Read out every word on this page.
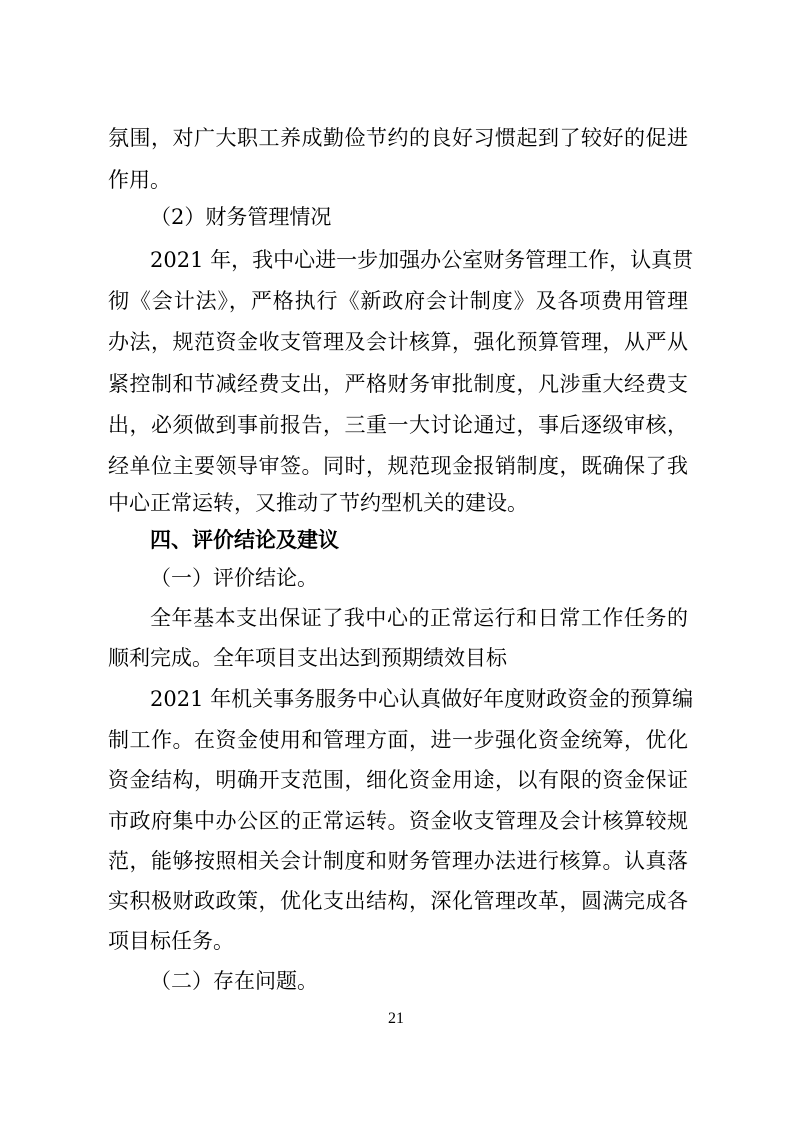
氛围，对广大职工养成勤俭节约的良好习惯起到了较好的促进
作用。
（2）财务管理情况
2021 年，我中心进一步加强办公室财务管理工作，认真贯
彻《会计法》，严格执行《新政府会计制度》及各项费用管理
办法，规范资金收支管理及会计核算，强化预算管理，从严从
紧控制和节减经费支出，严格财务审批制度，凡涉重大经费支
出，必须做到事前报告，三重一大讨论通过，事后逐级审核，
经单位主要领导审签。同时，规范现金报销制度，既确保了我
中心正常运转，又推动了节约型机关的建设。
四、评价结论及建议
（一）评价结论。
全年基本支出保证了我中心的正常运行和日常工作任务的
顺利完成。全年项目支出达到预期绩效目标
2021 年机关事务服务中心认真做好年度财政资金的预算编
制工作。在资金使用和管理方面，进一步强化资金统筹，优化
资金结构，明确开支范围，细化资金用途，以有限的资金保证
市政府集中办公区的正常运转。资金收支管理及会计核算较规
范，能够按照相关会计制度和财务管理办法进行核算。认真落
实积极财政政策，优化支出结构，深化管理改革，圆满完成各
项目标任务。
（二）存在问题。
21
